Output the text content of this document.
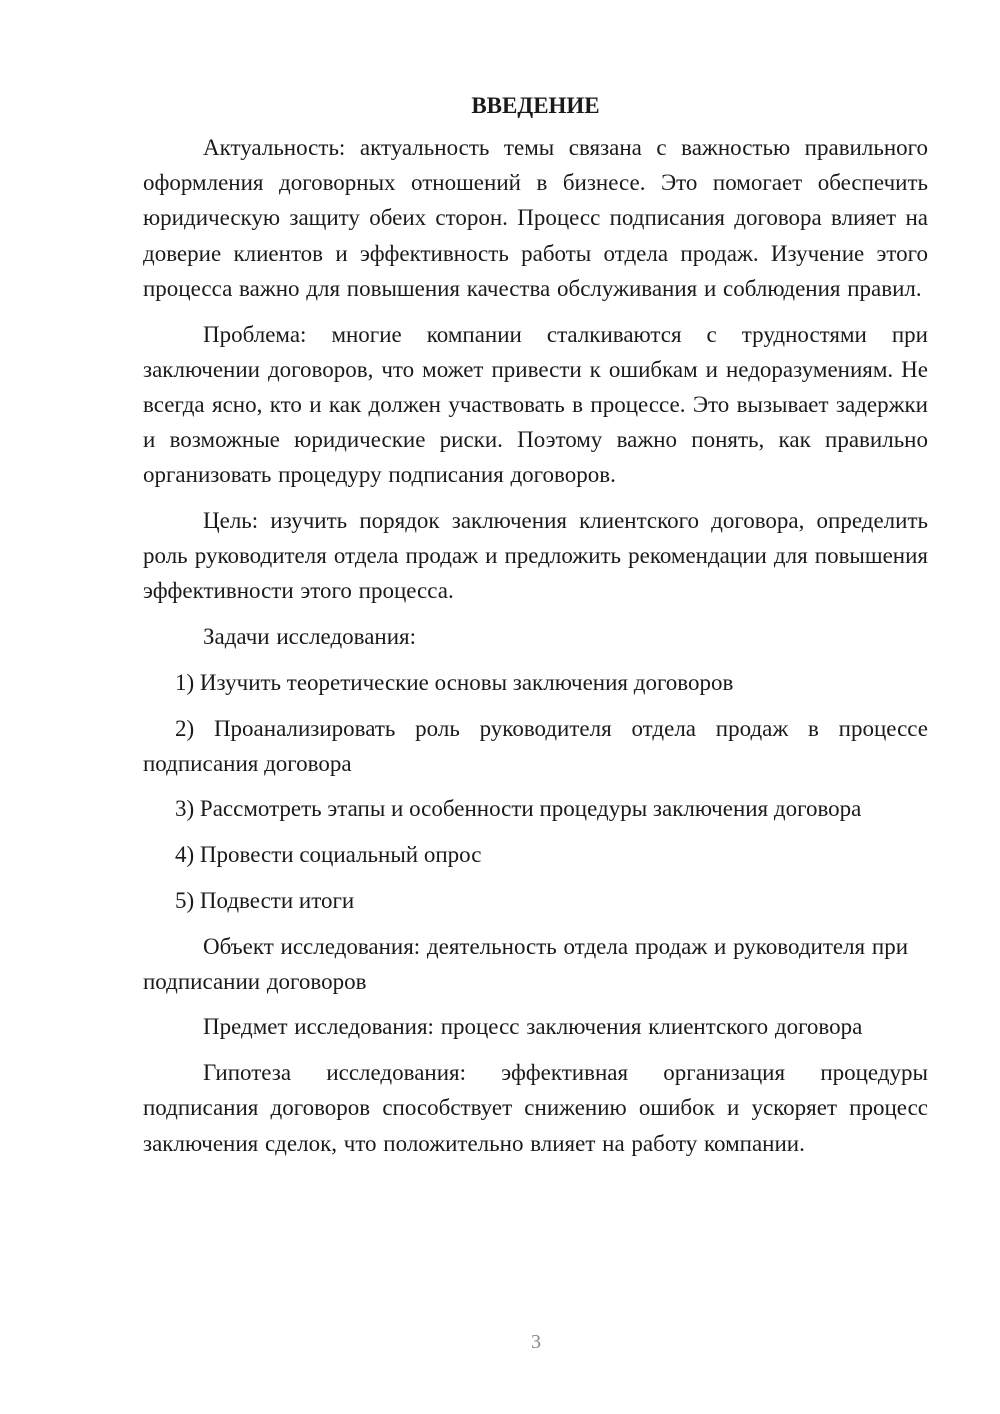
ВВЕДЕНИЕ

Актуальность: актуальность темы связана с важностью правильного оформления договорных отношений в бизнесе. Это помогает обеспечить юридическую защиту обеих сторон. Процесс подписания договора влияет на доверие клиентов и эффективность работы отдела продаж. Изучение этого процесса важно для повышения качества обслуживания и соблюдения правил.

Проблема: многие компании сталкиваются с трудностями при заключении договоров, что может привести к ошибкам и недоразумениям. Не всегда ясно, кто и как должен участвовать в процессе. Это вызывает задержки и возможные юридические риски. Поэтому важно понять, как правильно организовать процедуру подписания договоров.

Цель: изучить порядок заключения клиентского договора, определить роль руководителя отдела продаж и предложить рекомендации для повышения эффективности этого процесса.

Задачи исследования:

1) Изучить теоретические основы заключения договоров

2) Проанализировать роль руководителя отдела продаж в процессе подписания договора

3) Рассмотреть этапы и особенности процедуры заключения договора

4) Провести социальный опрос

5) Подвести итоги

Объект исследования: деятельность отдела продаж и руководителя при подписании договоров

Предмет исследования: процесс заключения клиентского договора

Гипотеза исследования: эффективная организация процедуры подписания договоров способствует снижению ошибок и ускоряет процесс заключения сделок, что положительно влияет на работу компании.

3
